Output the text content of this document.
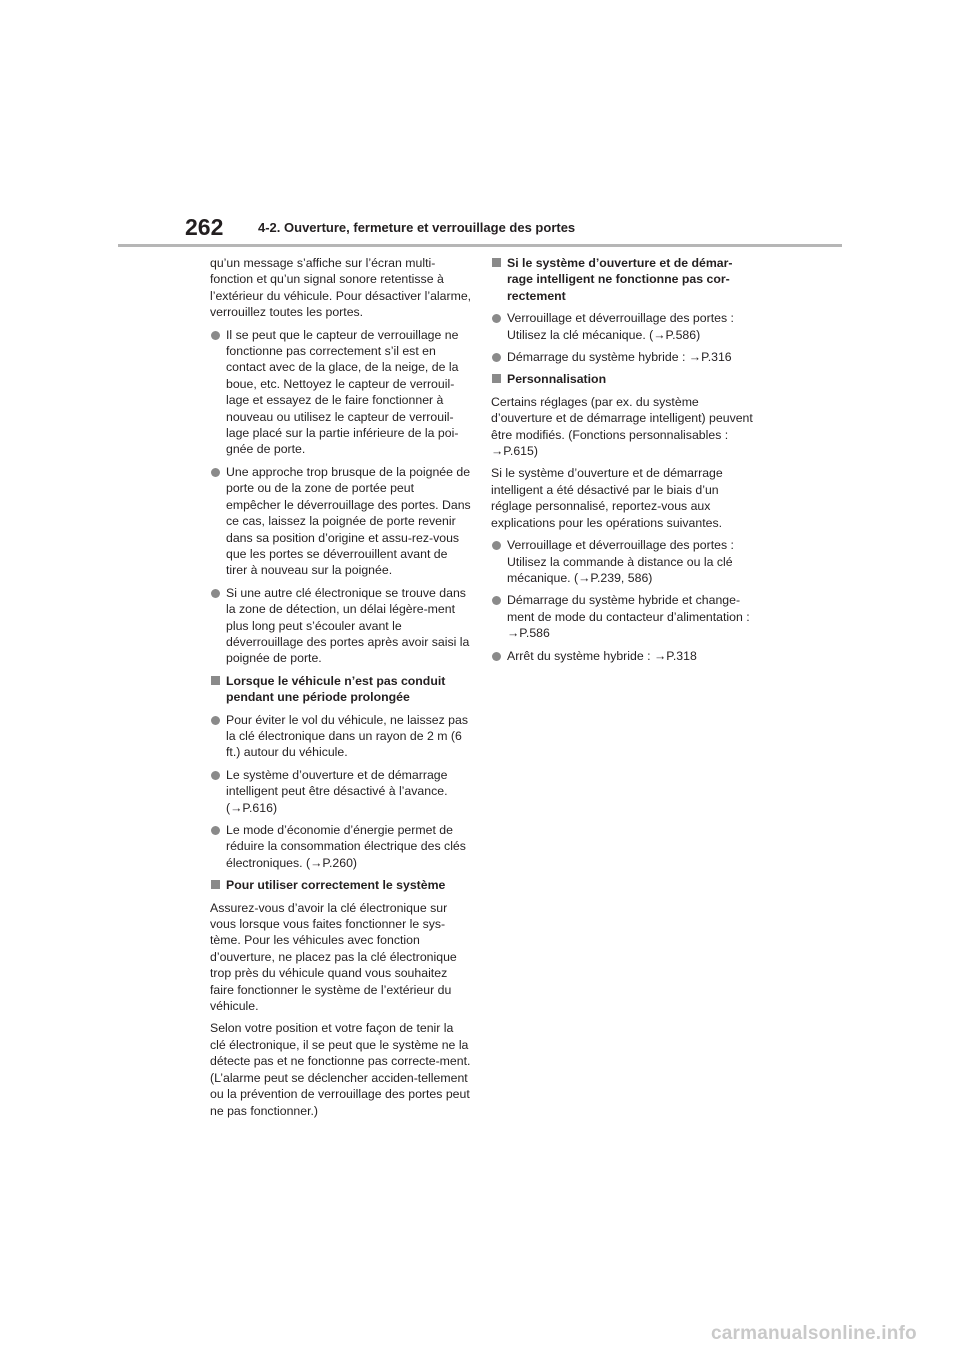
262	4-2. Ouverture, fermeture et verrouillage des portes

qu’un message s’affiche sur l’écran multi-fonction et qu’un signal sonore retentisse à l’extérieur du véhicule. Pour désactiver l’alarme, verrouillez toutes les portes.

Il se peut que le capteur de verrouillage ne fonctionne pas correctement s’il est en contact avec de la glace, de la neige, de la boue, etc. Nettoyez le capteur de verrouil-lage et essayez de le faire fonctionner à nouveau ou utilisez le capteur de verrouil-lage placé sur la partie inférieure de la poi-gnée de porte.

Une approche trop brusque de la poignée de porte ou de la zone de portée peut empêcher le déverrouillage des portes. Dans ce cas, laissez la poignée de porte revenir dans sa position d’origine et assu-rez-vous que les portes se déverrouillent avant de tirer à nouveau sur la poignée.

Si une autre clé électronique se trouve dans la zone de détection, un délai légère-ment plus long peut s’écouler avant le déverrouillage des portes après avoir saisi la poignée de porte.

Lorsque le véhicule n’est pas conduit pendant une période prolongée

Pour éviter le vol du véhicule, ne laissez pas la clé électronique dans un rayon de 2 m (6 ft.) autour du véhicule.

Le système d’ouverture et de démarrage intelligent peut être désactivé à l’avance. (→P.616)

Le mode d’économie d’énergie permet de réduire la consommation électrique des clés électroniques. (→P.260)

Pour utiliser correctement le système

Assurez-vous d’avoir la clé électronique sur vous lorsque vous faites fonctionner le sys-tème. Pour les véhicules avec fonction d’ouverture, ne placez pas la clé électronique trop près du véhicule quand vous souhaitez faire fonctionner le système de l’extérieur du véhicule.

Selon votre position et votre façon de tenir la clé électronique, il se peut que le système ne la détecte pas et ne fonctionne pas correcte-ment. (L’alarme peut se déclencher acciden-tellement ou la prévention de verrouillage des portes peut ne pas fonctionner.)

Si le système d’ouverture et de démar-rage intelligent ne fonctionne pas cor-rectement

Verrouillage et déverrouillage des portes : Utilisez la clé mécanique. (→P.586)

Démarrage du système hybride : →P.316

Personnalisation

Certains réglages (par ex. du système d’ouverture et de démarrage intelligent) peuvent être modifiés. (Fonctions personnalisables : →P.615)

Si le système d’ouverture et de démarrage intelligent a été désactivé par le biais d’un réglage personnalisé, reportez-vous aux explications pour les opérations suivantes.

Verrouillage et déverrouillage des portes : Utilisez la commande à distance ou la clé mécanique. (→P.239, 586)

Démarrage du système hybride et change-ment de mode du contacteur d’alimentation : →P.586

Arrêt du système hybride : →P.318

carmanualsonline.info
